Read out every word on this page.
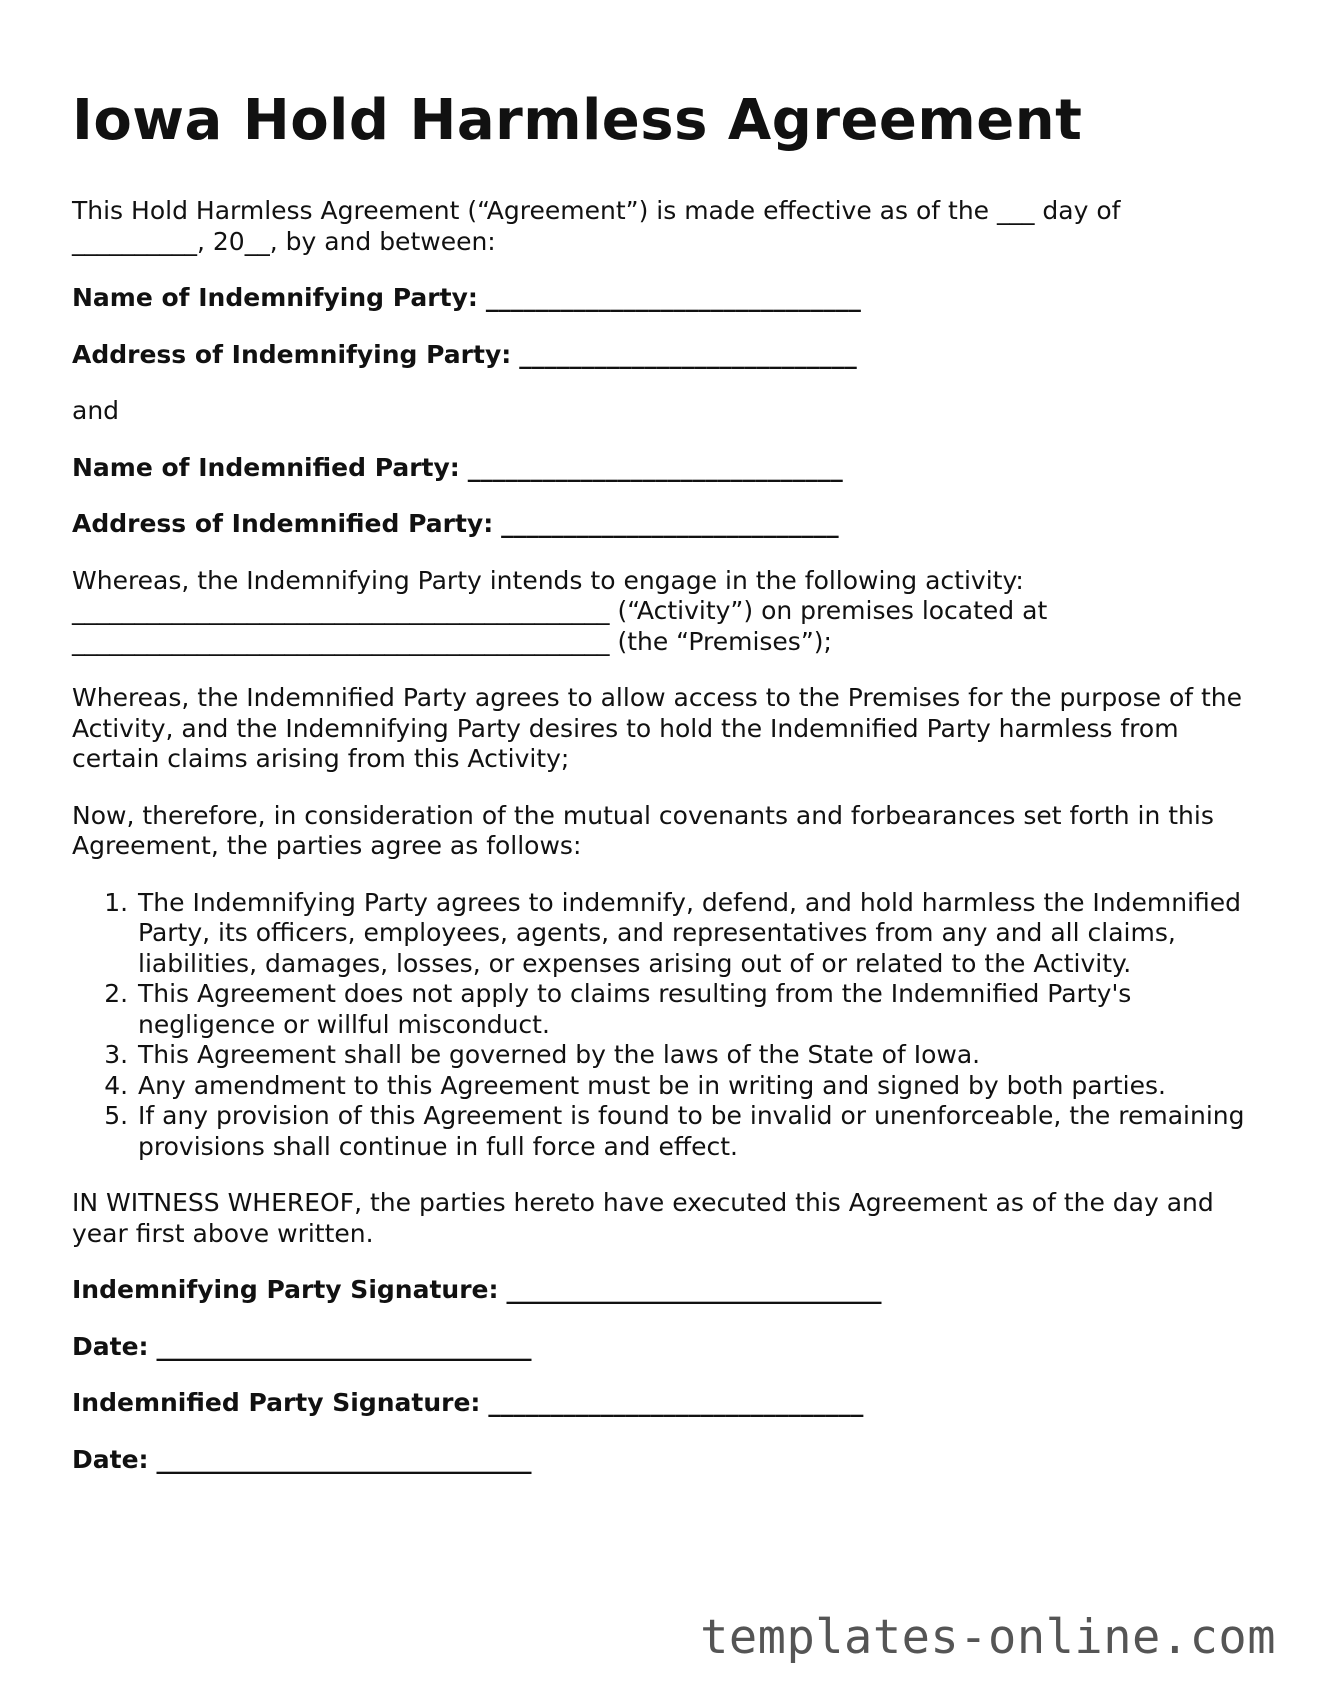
Iowa Hold Harmless Agreement

This Hold Harmless Agreement (“Agreement”) is made effective as of the ___ day of __________, 20__, by and between:

Name of Indemnifying Party: ______________________________

Address of Indemnifying Party: ___________________________

and

Name of Indemnified Party: ______________________________

Address of Indemnified Party: ___________________________

Whereas, the Indemnifying Party intends to engage in the following activity:
___________________________________________ (“Activity”) on premises located at
___________________________________________ (the “Premises”);

Whereas, the Indemnified Party agrees to allow access to the Premises for the purpose of the Activity, and the Indemnifying Party desires to hold the Indemnified Party harmless from certain claims arising from this Activity;

Now, therefore, in consideration of the mutual covenants and forbearances set forth in this Agreement, the parties agree as follows:

1. The Indemnifying Party agrees to indemnify, defend, and hold harmless the Indemnified Party, its officers, employees, agents, and representatives from any and all claims, liabilities, damages, losses, or expenses arising out of or related to the Activity.
2. This Agreement does not apply to claims resulting from the Indemnified Party's negligence or willful misconduct.
3. This Agreement shall be governed by the laws of the State of Iowa.
4. Any amendment to this Agreement must be in writing and signed by both parties.
5. If any provision of this Agreement is found to be invalid or unenforceable, the remaining provisions shall continue in full force and effect.

IN WITNESS WHEREOF, the parties hereto have executed this Agreement as of the day and year first above written.

Indemnifying Party Signature: ______________________________

Date: ______________________________

Indemnified Party Signature: ______________________________

Date: ______________________________

templates-online.com
